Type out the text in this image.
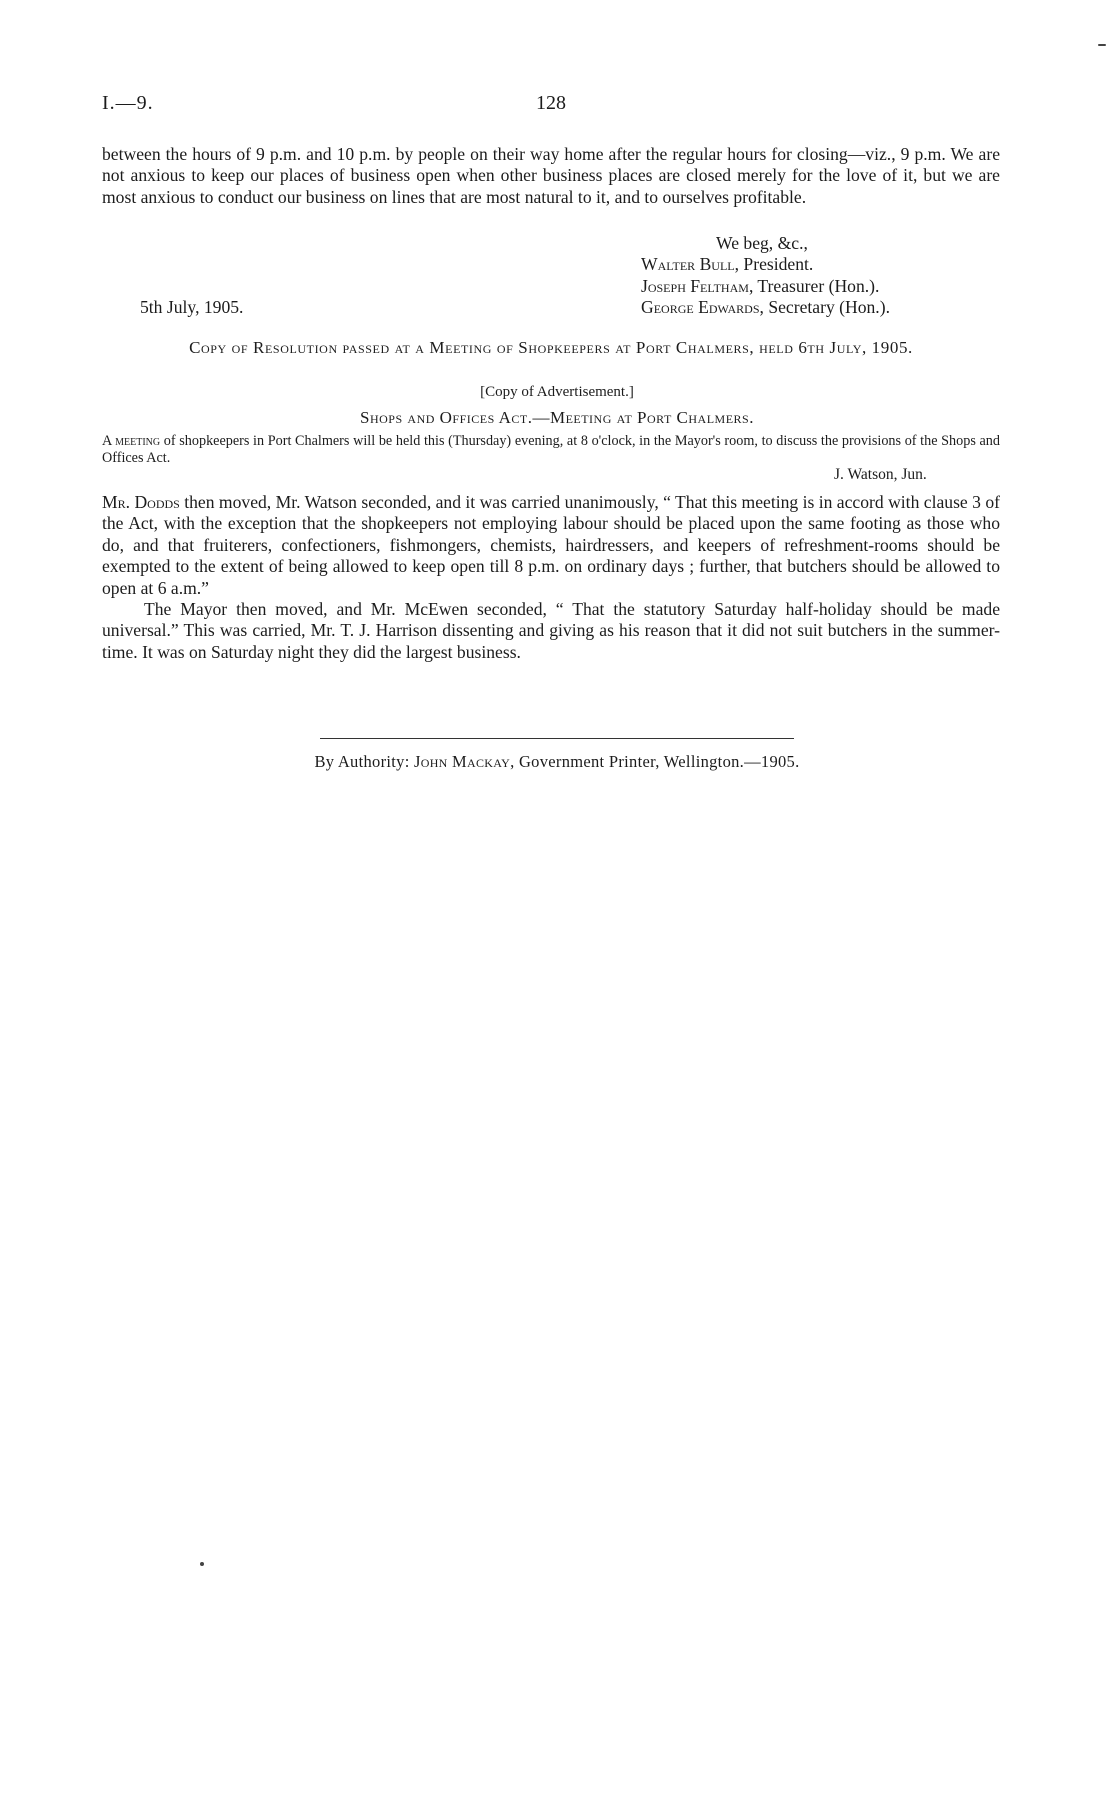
I.—9.	128
between the hours of 9 p.m. and 10 p.m. by people on their way home after the regular hours for closing—viz., 9 p.m. We are not anxious to keep our places of business open when other business places are closed merely for the love of it, but we are most anxious to conduct our business on lines that are most natural to it, and to ourselves profitable.
We beg, &c.,
Walter Bull, President.
Joseph Feltham, Treasurer (Hon.).
George Edwards, Secretary (Hon.).
5th July, 1905.
Copy of Resolution passed at a Meeting of Shopkeepers at Port Chalmers, held 6th July, 1905.
[Copy of Advertisement.]
Shops and Offices Act.—Meeting at Port Chalmers.
A meeting of shopkeepers in Port Chalmers will be held this (Thursday) evening, at 8 o'clock, in the Mayor's room, to discuss the provisions of the Shops and Offices Act.
J. Watson, Jun.

Mr. Dodds then moved, Mr. Watson seconded, and it was carried unanimously, “ That this meeting is in accord with clause 3 of the Act, with the exception that the shopkeepers not employing labour should be placed upon the same footing as those who do, and that fruiterers, confectioners, fishmongers, chemists, hairdressers, and keepers of refreshment-rooms should be exempted to the extent of being allowed to keep open till 8 p.m. on ordinary days ; further, that butchers should be allowed to open at 6 a.m.”

The Mayor then moved, and Mr. McEwen seconded, “ That the statutory Saturday half-holiday should be made universal.” This was carried, Mr. T. J. Harrison dissenting and giving as his reason that it did not suit butchers in the summer-time. It was on Saturday night they did the largest business.

By Authority: John Mackay, Government Printer, Wellington.—1905.
